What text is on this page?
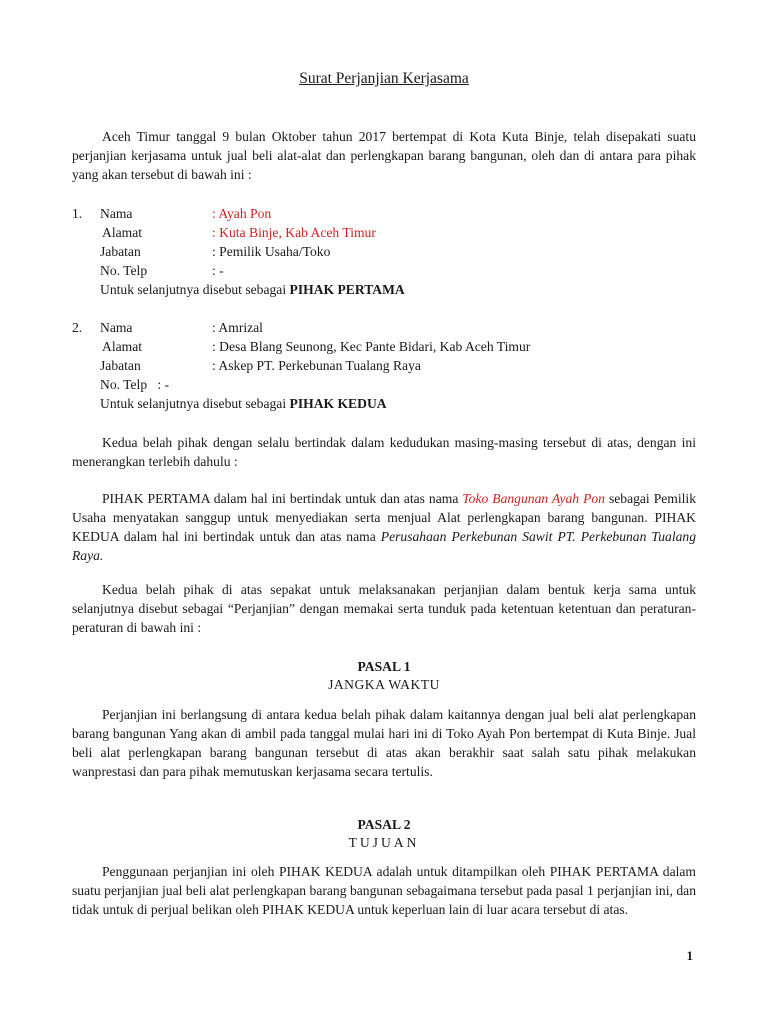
Surat Perjanjian Kerjasama

Aceh Timur tanggal 9 bulan Oktober tahun 2017 bertempat di Kota Kuta Binje, telah disepakati suatu perjanjian kerjasama untuk jual beli alat-alat dan perlengkapan barang bangunan, oleh dan di antara para pihak yang akan tersebut di bawah ini :

1. Nama	: Ayah Pon
Alamat	: Kuta Binje, Kab Aceh Timur
Jabatan	: Pemilik Usaha/Toko
No. Telp	: -
Untuk selanjutnya disebut sebagai PIHAK PERTAMA
2. Nama	: Amrizal
Alamat	: Desa Blang Seunong, Kec Pante Bidari, Kab Aceh Timur
Jabatan	: Askep PT. Perkebunan Tualang Raya
No. Telp   : -
Untuk selanjutnya disebut sebagai PIHAK KEDUA

Kedua belah pihak dengan selalu bertindak dalam kedudukan masing-masing tersebut di atas, dengan ini menerangkan terlebih dahulu :

PIHAK PERTAMA dalam hal ini bertindak untuk dan atas nama Toko Bangunan Ayah Pon sebagai Pemilik Usaha menyatakan sanggup untuk menyediakan serta menjual Alat perlengkapan barang bangunan. PIHAK KEDUA dalam hal ini bertindak untuk dan atas nama Perusahaan Perkebunan Sawit PT. Perkebunan Tualang Raya.

Kedua belah pihak di atas sepakat untuk melaksanakan perjanjian dalam bentuk kerja sama untuk selanjutnya disebut sebagai “Perjanjian” dengan memakai serta tunduk pada ketentuan ketentuan dan peraturan-peraturan di bawah ini :

PASAL 1
JANGKA WAKTU

Perjanjian ini berlangsung di antara kedua belah pihak dalam kaitannya dengan jual beli alat perlengkapan barang bangunan Yang akan di ambil pada tanggal mulai hari ini di Toko Ayah Pon bertempat di Kuta Binje. Jual beli alat perlengkapan barang bangunan tersebut di atas akan berakhir saat salah satu pihak melakukan wanprestasi dan para pihak memutuskan kerjasama secara tertulis.

PASAL 2
TUJUAN

Penggunaan perjanjian ini oleh PIHAK KEDUA adalah untuk ditampilkan oleh PIHAK PERTAMA dalam suatu perjanjian jual beli alat perlengkapan barang bangunan sebagaimana tersebut pada pasal 1 perjanjian ini, dan tidak untuk di perjual belikan oleh PIHAK KEDUA untuk keperluan lain di luar acara tersebut di atas.

1
